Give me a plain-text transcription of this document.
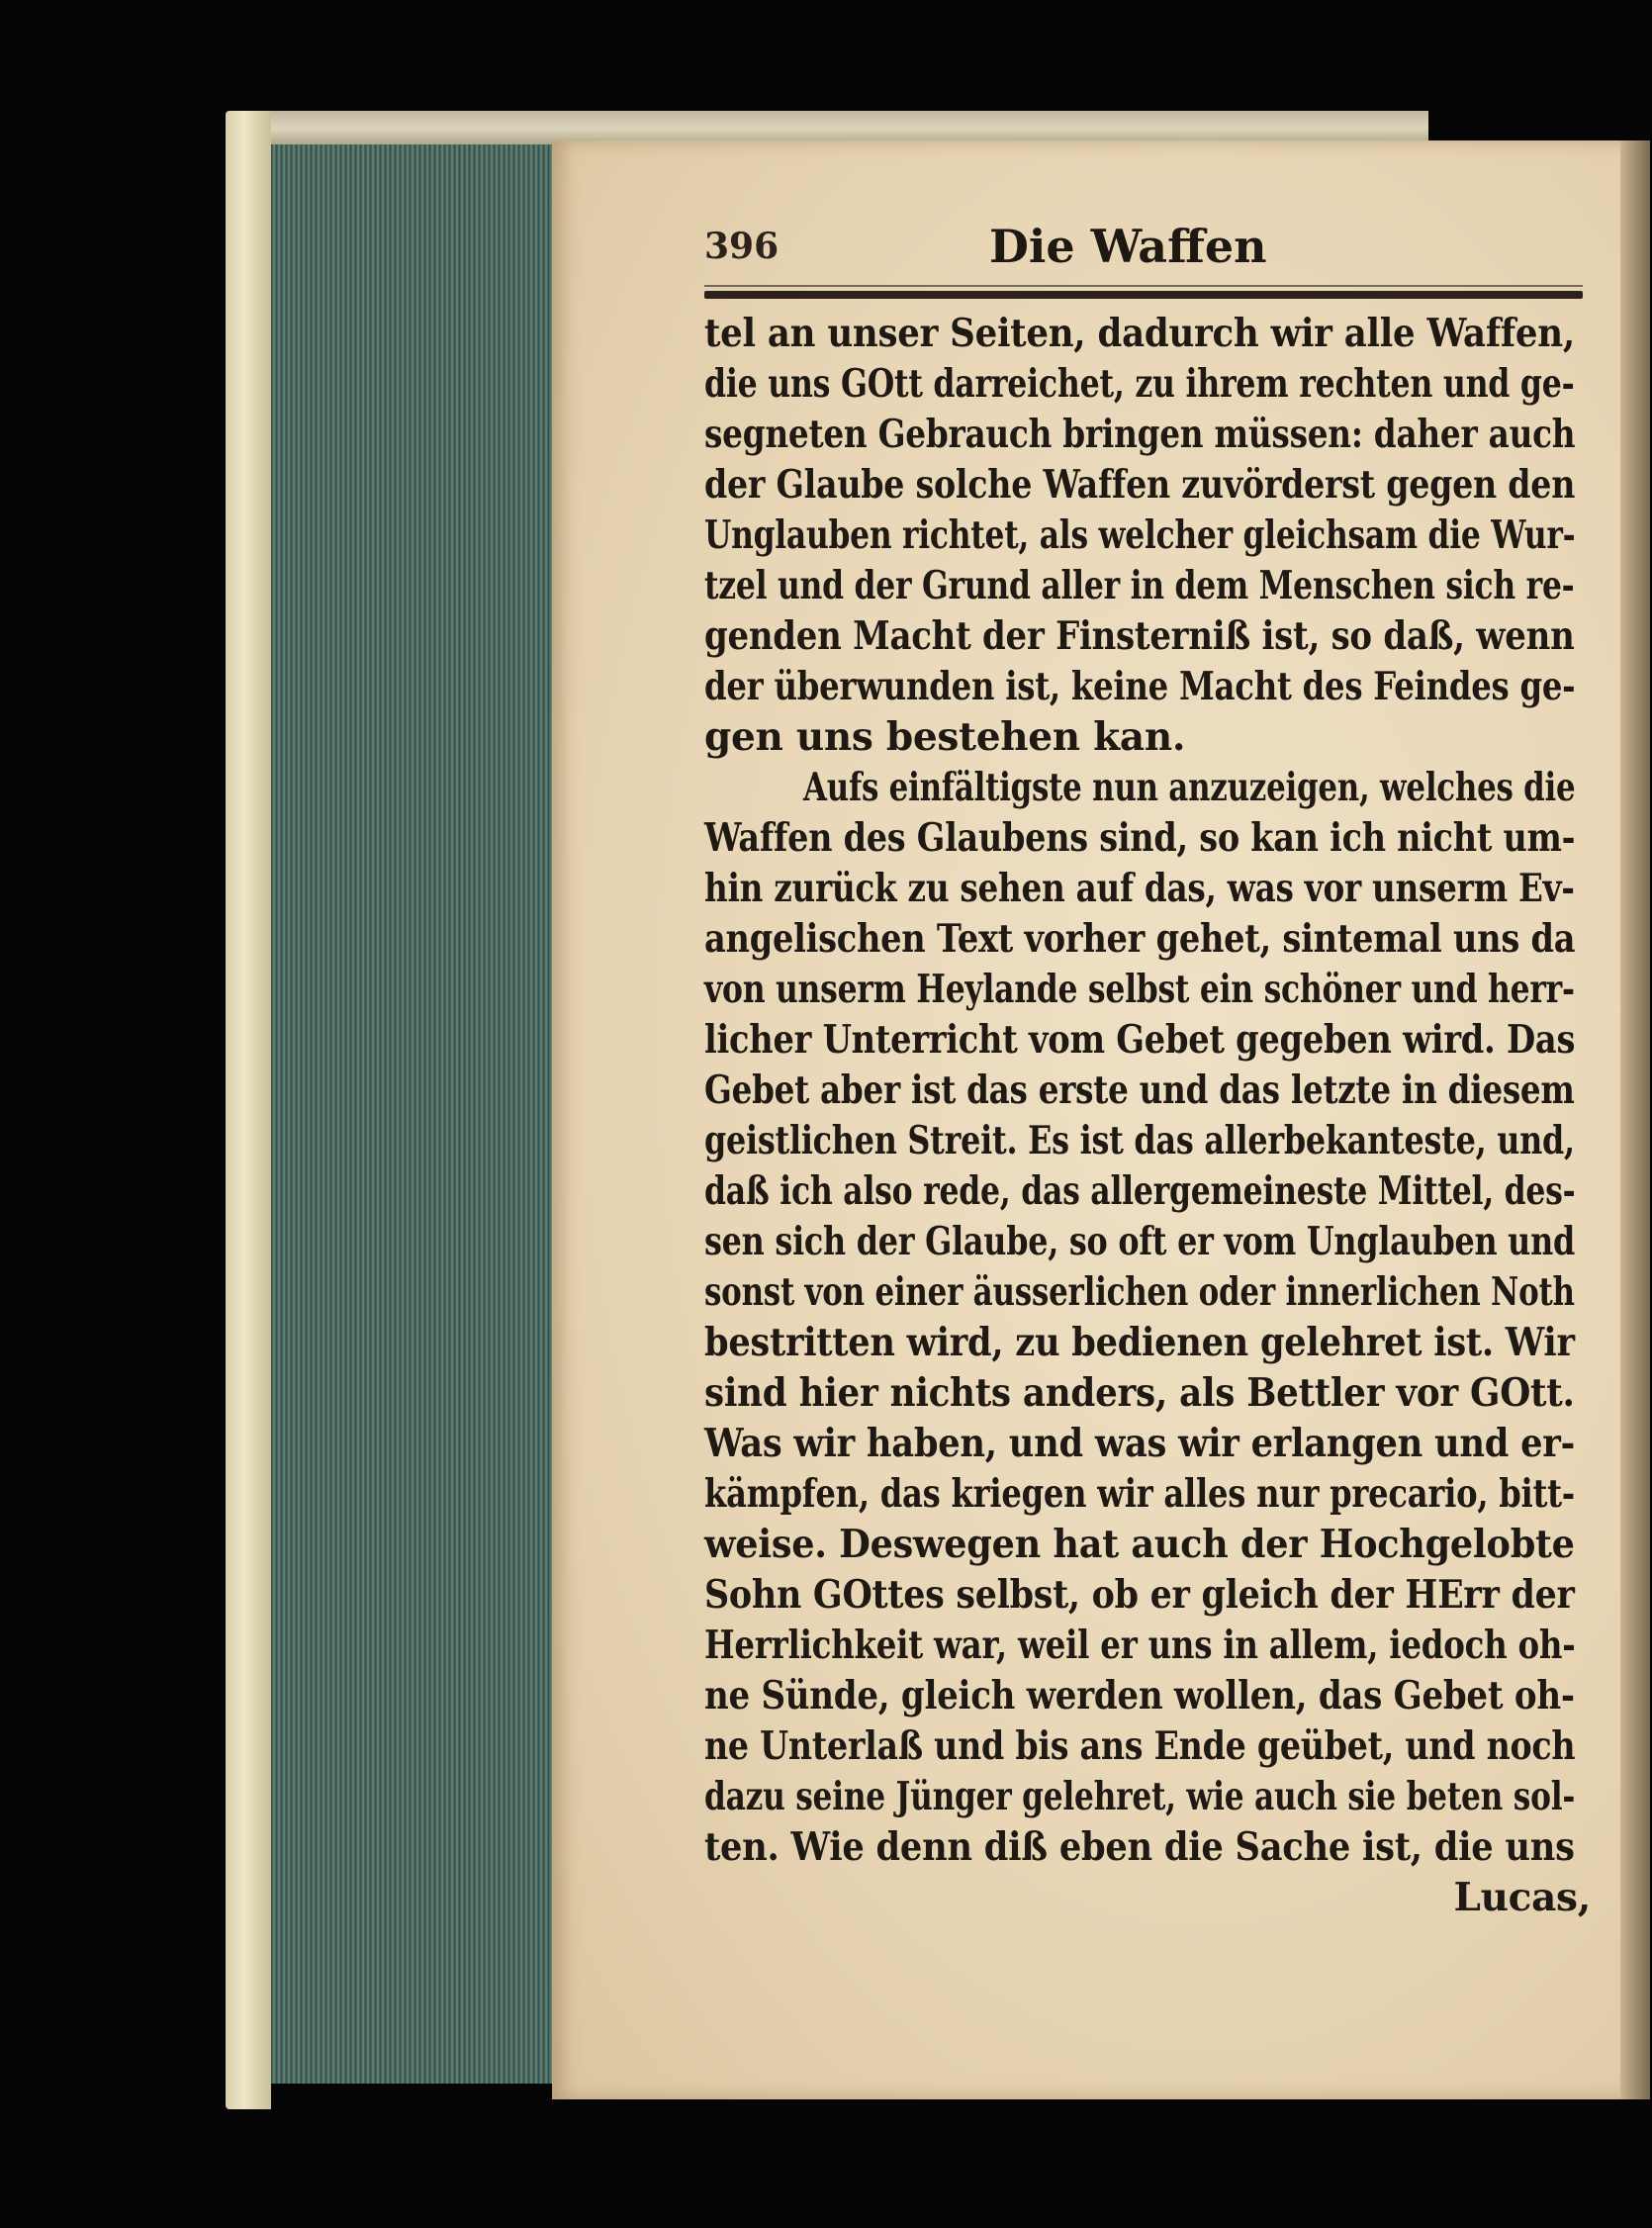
396	Die Waffen
tel an unser Seiten, dadurch wir alle Waffen,
die uns GOtt darreichet, zu ihrem rechten und ge-
segneten Gebrauch bringen müssen: daher auch
der Glaube solche Waffen zuvörderst gegen den
Unglauben richtet, als welcher gleichsam die Wur-
tzel und der Grund aller in dem Menschen sich re-
genden Macht der Finsterniß ist, so daß, wenn
der überwunden ist, keine Macht des Feindes ge-
gen uns bestehen kan.
Aufs einfältigste nun anzuzeigen, welches die
Waffen des Glaubens sind, so kan ich nicht um-
hin zurück zu sehen auf das, was vor unserm Ev-
angelischen Text vorher gehet, sintemal uns da
von unserm Heylande selbst ein schöner und herr-
licher Unterricht vom Gebet gegeben wird. Das
Gebet aber ist das erste und das letzte in diesem
geistlichen Streit. Es ist das allerbekanteste, und,
daß ich also rede, das allergemeineste Mittel, des-
sen sich der Glaube, so oft er vom Unglauben und
sonst von einer äusserlichen oder innerlichen Noth
bestritten wird, zu bedienen gelehret ist. Wir
sind hier nichts anders, als Bettler vor GOtt.
Was wir haben, und was wir erlangen und er-
kämpfen, das kriegen wir alles nur precario, bitt-
weise. Deswegen hat auch der Hochgelobte
Sohn GOttes selbst, ob er gleich der HErr der
Herrlichkeit war, weil er uns in allem, iedoch oh-
ne Sünde, gleich werden wollen, das Gebet oh-
ne Unterlaß und bis ans Ende geübet, und noch
dazu seine Jünger gelehret, wie auch sie beten sol-
ten. Wie denn diß eben die Sache ist, die uns
Lucas,
